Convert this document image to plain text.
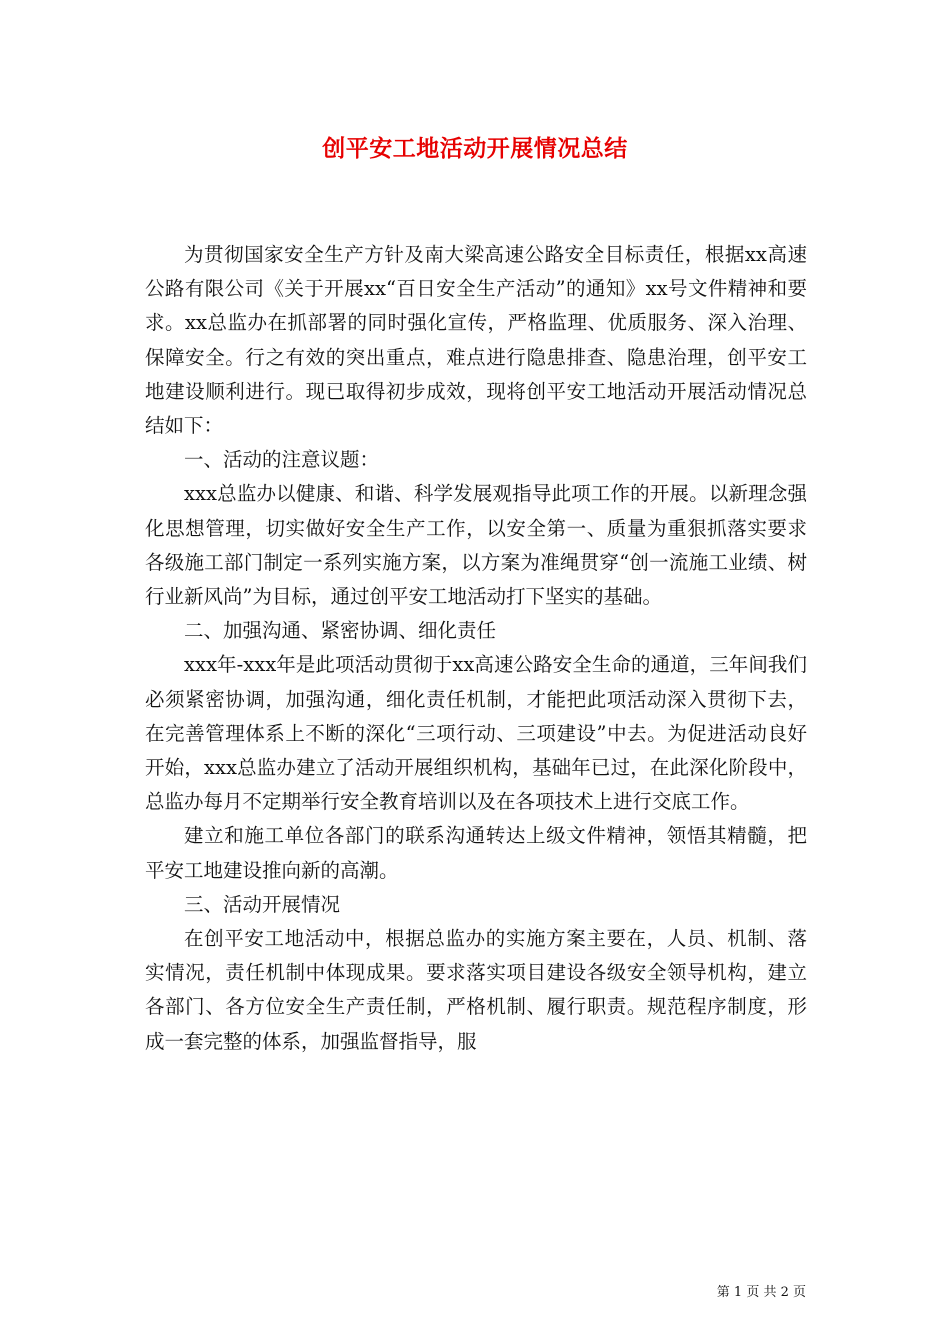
创平安工地活动开展情况总结

为贯彻国家安全生产方针及南大梁高速公路安全目标责任，根据xx高速公路有限公司《关于开展xx“百日安全生产活动”的通知》xx号文件精神和要求。xx总监办在抓部署的同时强化宣传，严格监理、优质服务、深入治理、保障安全。行之有效的突出重点，难点进行隐患排查、隐患治理，创平安工地建设顺利进行。现已取得初步成效，现将创平安工地活动开展活动情况总结如下：

一、活动的注意议题：

xxx总监办以健康、和谐、科学发展观指导此项工作的开展。以新理念强化思想管理，切实做好安全生产工作，以安全第一、质量为重狠抓落实要求各级施工部门制定一系列实施方案，以方案为准绳贯穿“创一流施工业绩、树行业新风尚”为目标，通过创平安工地活动打下坚实的基础。

二、加强沟通、紧密协调、细化责任

xxx年-xxx年是此项活动贯彻于xx高速公路安全生命的通道，三年间我们必须紧密协调，加强沟通，细化责任机制，才能把此项活动深入贯彻下去，在完善管理体系上不断的深化“三项行动、三项建设”中去。为促进活动良好开始，xxx总监办建立了活动开展组织机构，基础年已过，在此深化阶段中，总监办每月不定期举行安全教育培训以及在各项技术上进行交底工作。

建立和施工单位各部门的联系沟通转达上级文件精神，领悟其精髓，把平安工地建设推向新的高潮。

三、活动开展情况

在创平安工地活动中，根据总监办的实施方案主要在，人员、机制、落实情况，责任机制中体现成果。要求落实项目建设各级安全领导机构，建立各部门、各方位安全生产责任制，严格机制、履行职责。规范程序制度，形成一套完整的体系，加强监督指导，服

第 1 页 共 2 页
